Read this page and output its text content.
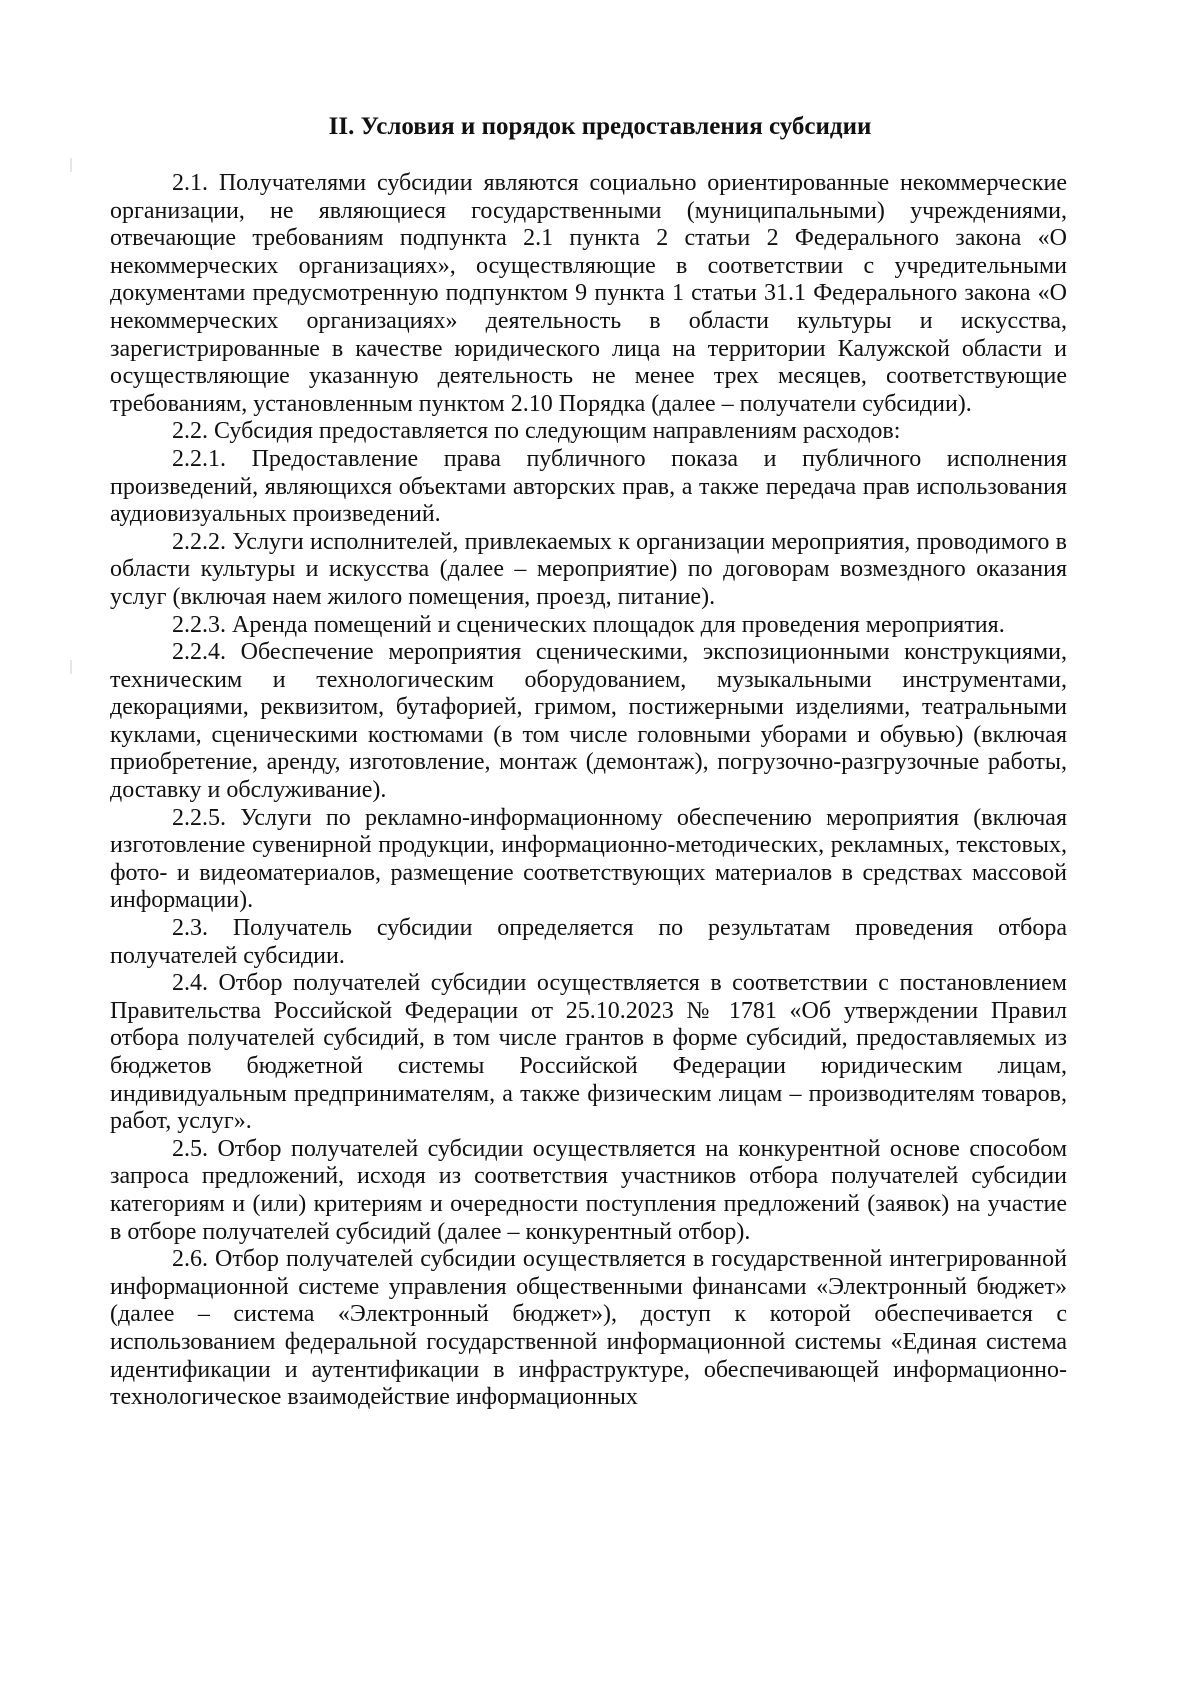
II. Условия и порядок предоставления субсидии

2.1. Получателями субсидии являются социально ориентированные некоммерческие организации, не являющиеся государственными (муниципальными) учреждениями, отвечающие требованиям подпункта 2.1 пункта 2 статьи 2 Федерального закона «О некоммерческих организациях», осуществляющие в соответствии с учредительными документами предусмотренную подпунктом 9 пункта 1 статьи 31.1 Федерального закона «О некоммерческих организациях» деятельность в области культуры и искусства, зарегистрированные в качестве юридического лица на территории Калужской области и осуществляющие указанную деятельность не менее трех месяцев, соответствующие требованиям, установленным пунктом 2.10 Порядка (далее – получатели субсидии).

2.2. Субсидия предоставляется по следующим направлениям расходов:

2.2.1. Предоставление права публичного показа и публичного исполнения произведений, являющихся объектами авторских прав, а также передача прав использования аудиовизуальных произведений.

2.2.2. Услуги исполнителей, привлекаемых к организации мероприятия, проводимого в области культуры и искусства (далее – мероприятие) по договорам возмездного оказания услуг (включая наем жилого помещения, проезд, питание).

2.2.3. Аренда помещений и сценических площадок для проведения мероприятия.

2.2.4. Обеспечение мероприятия сценическими, экспозиционными конструкциями, техническим и технологическим оборудованием, музыкальными инструментами, декорациями, реквизитом, бутафорией, гримом, постижерными изделиями, театральными куклами, сценическими костюмами (в том числе головными уборами и обувью) (включая приобретение, аренду, изготовление, монтаж (демонтаж), погрузочно-разгрузочные работы, доставку и обслуживание).

2.2.5. Услуги по рекламно-информационному обеспечению мероприятия (включая изготовление сувенирной продукции, информационно-методических, рекламных, текстовых, фото- и видеоматериалов, размещение соответствующих материалов в средствах массовой информации).

2.3. Получатель субсидии определяется по результатам проведения отбора получателей субсидии.

2.4. Отбор получателей субсидии осуществляется в соответствии с постановлением Правительства Российской Федерации от 25.10.2023 № 1781 «Об утверждении Правил отбора получателей субсидий, в том числе грантов в форме субсидий, предоставляемых из бюджетов бюджетной системы Российской Федерации юридическим лицам, индивидуальным предпринимателям, а также физическим лицам – производителям товаров, работ, услуг».

2.5. Отбор получателей субсидии осуществляется на конкурентной основе способом запроса предложений, исходя из соответствия участников отбора получателей субсидии категориям и (или) критериям и очередности поступления предложений (заявок) на участие в отборе получателей субсидий (далее – конкурентный отбор).

2.6. Отбор получателей субсидии осуществляется в государственной интегрированной информационной системе управления общественными финансами «Электронный бюджет» (далее – система «Электронный бюджет»), доступ к которой обеспечивается с использованием федеральной государственной информационной системы «Единая система идентификации и аутентификации в инфраструктуре, обеспечивающей информационно-технологическое взаимодействие информационных
